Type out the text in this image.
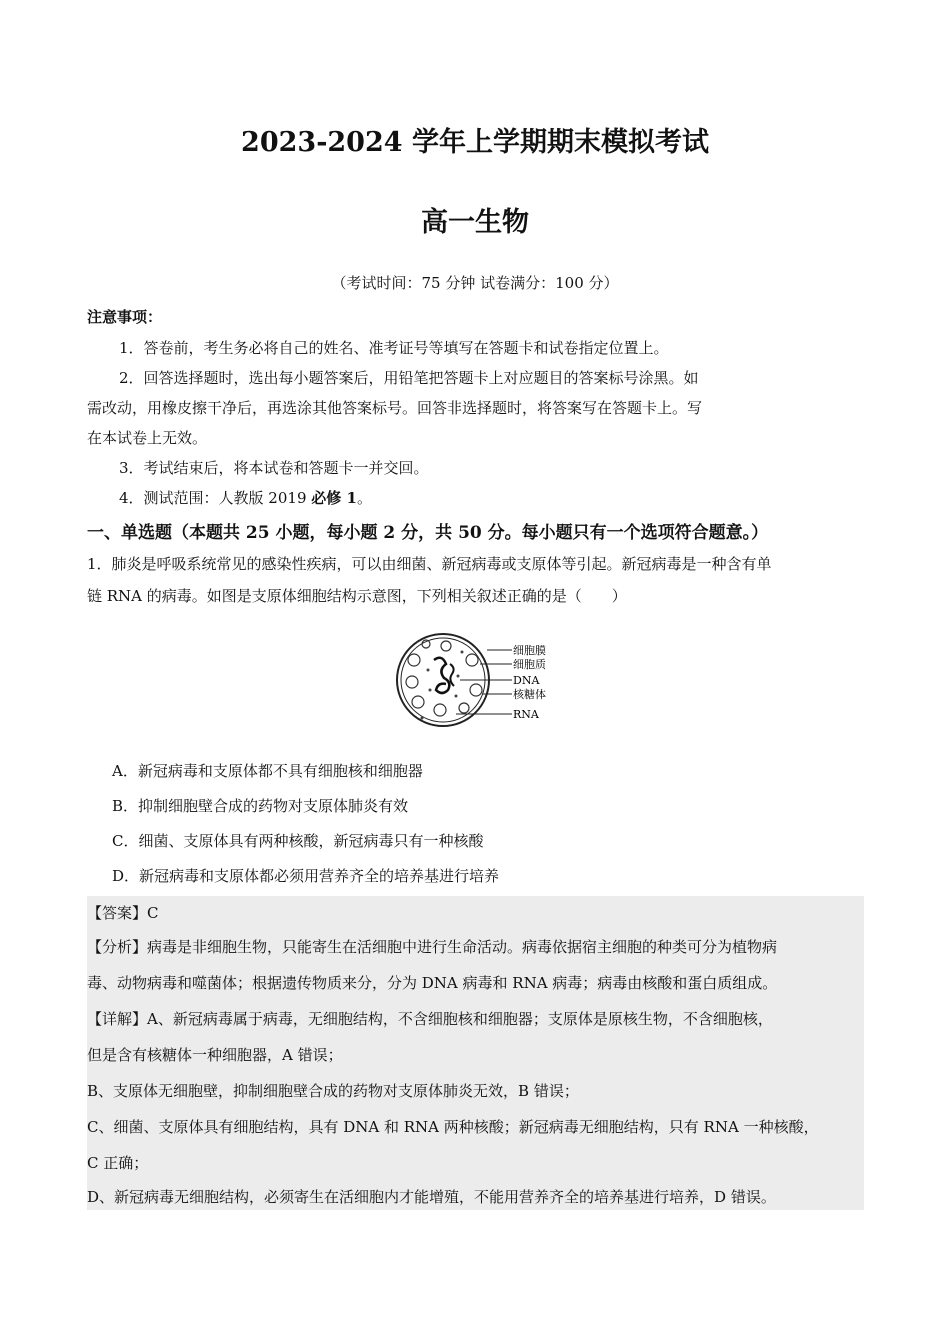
2023-2024 学年上学期期末模拟考试
高一生物
（考试时间：75 分钟 试卷满分：100 分）
注意事项：
1．答卷前，考生务必将自己的姓名、准考证号等填写在答题卡和试卷指定位置上。
2．回答选择题时，选出每小题答案后，用铅笔把答题卡上对应题目的答案标号涂黑。如
需改动，用橡皮擦干净后，再选涂其他答案标号。回答非选择题时，将答案写在答题卡上。写
在本试卷上无效。
3．考试结束后，将本试卷和答题卡一并交回。
4．测试范围：人教版 2019 必修 1。
一、单选题（本题共 25 小题，每小题 2 分，共 50 分。每小题只有一个选项符合题意。）
1．肺炎是呼吸系统常见的感染性疾病，可以由细菌、新冠病毒或支原体等引起。新冠病毒是一种含有单
链 RNA 的病毒。如图是支原体细胞结构示意图，下列相关叙述正确的是（　　）
细胞膜
细胞质
DNA
核糖体
RNA
A．新冠病毒和支原体都不具有细胞核和细胞器
B．抑制细胞壁合成的药物对支原体肺炎有效
C．细菌、支原体具有两种核酸，新冠病毒只有一种核酸
D．新冠病毒和支原体都必须用营养齐全的培养基进行培养
【答案】C
【分析】病毒是非细胞生物，只能寄生在活细胞中进行生命活动。病毒依据宿主细胞的种类可分为植物病
毒、动物病毒和噬菌体；根据遗传物质来分，分为 DNA 病毒和 RNA 病毒；病毒由核酸和蛋白质组成。
【详解】A、新冠病毒属于病毒，无细胞结构，不含细胞核和细胞器；支原体是原核生物，不含细胞核，
但是含有核糖体一种细胞器，A 错误；
B、支原体无细胞壁，抑制细胞壁合成的药物对支原体肺炎无效，B 错误；
C、细菌、支原体具有细胞结构，具有 DNA 和 RNA 两种核酸；新冠病毒无细胞结构，只有 RNA 一种核酸，
C 正确；
D、新冠病毒无细胞结构，必须寄生在活细胞内才能增殖，不能用营养齐全的培养基进行培养，D 错误。
